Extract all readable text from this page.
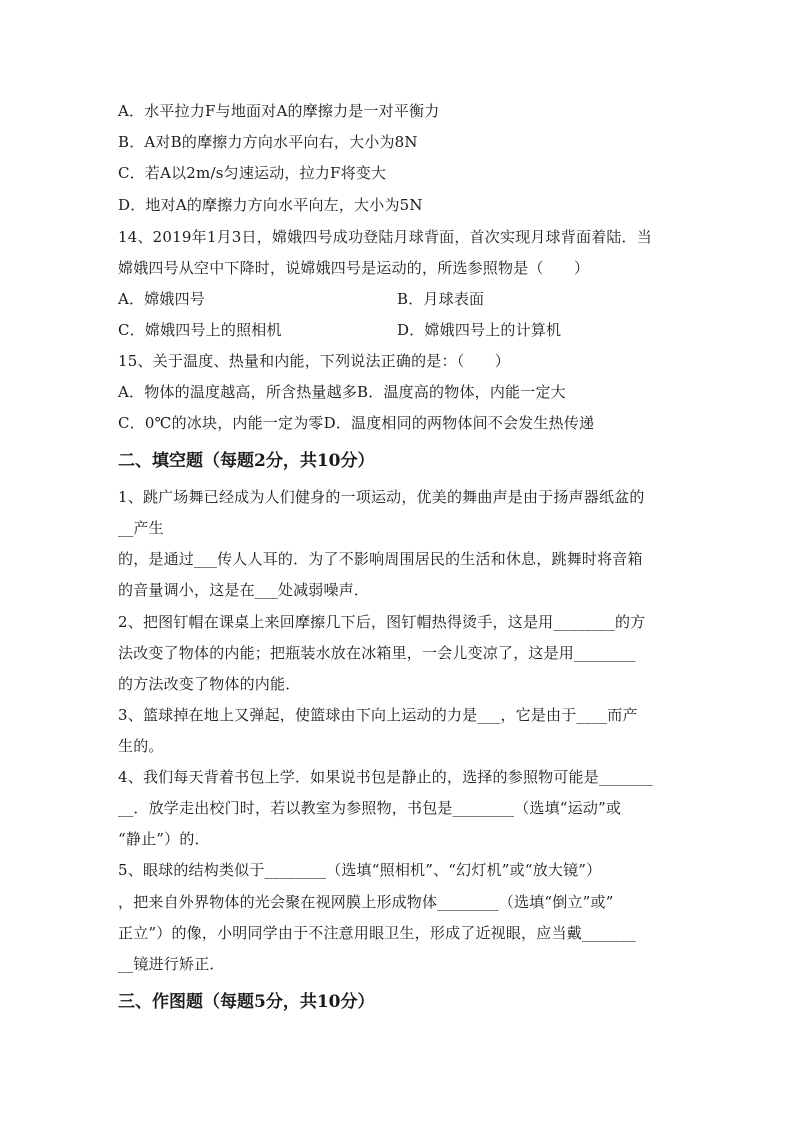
A．水平拉力F与地面对A的摩擦力是一对平衡力
B．A对B的摩擦力方向水平向右，大小为8N
C．若A以2m/s匀速运动，拉力F将变大
D．地对A的摩擦力方向水平向左，大小为5N
14、2019年1月3日，嫦娥四号成功登陆月球背面，首次实现月球背面着陆．当
嫦娥四号从空中下降时，说嫦娥四号是运动的，所选参照物是（　　）
A．嫦娥四号	B．月球表面
C．嫦娥四号上的照相机	D．嫦娥四号上的计算机
15、关于温度、热量和内能，下列说法正确的是：（　　）
A．物体的温度越高，所含热量越多B．温度高的物体，内能一定大
C．0℃的冰块，内能一定为零D．温度相同的两物体间不会发生热传递
二、填空题（每题2分，共10分）
1、跳广场舞已经成为人们健身的一项运动，优美的舞曲声是由于扬声器纸盆的
__产生
的，是通过___传人人耳的．为了不影响周围居民的生活和休息，跳舞时将音箱
的音量调小，这是在___处减弱噪声．
2、把图钉帽在课桌上来回摩擦几下后，图钉帽热得烫手，这是用________的方
法改变了物体的内能；把瓶装水放在冰箱里，一会儿变凉了，这是用________
的方法改变了物体的内能．
3、篮球掉在地上又弹起，使篮球由下向上运动的力是___，它是由于____而产
生的。
4、我们每天背着书包上学．如果说书包是静止的，选择的参照物可能是_______
__．放学走出校门时，若以教室为参照物，书包是________（选填“运动”或
“静止”）的．
5、眼球的结构类似于________（选填“照相机”、“幻灯机”或“放大镜”）
，把来自外界物体的光会聚在视网膜上形成物体________（选填“倒立”或”
正立”）的像，小明同学由于不注意用眼卫生，形成了近视眼，应当戴_______
__镜进行矫正．
三、作图题（每题5分，共10分）
